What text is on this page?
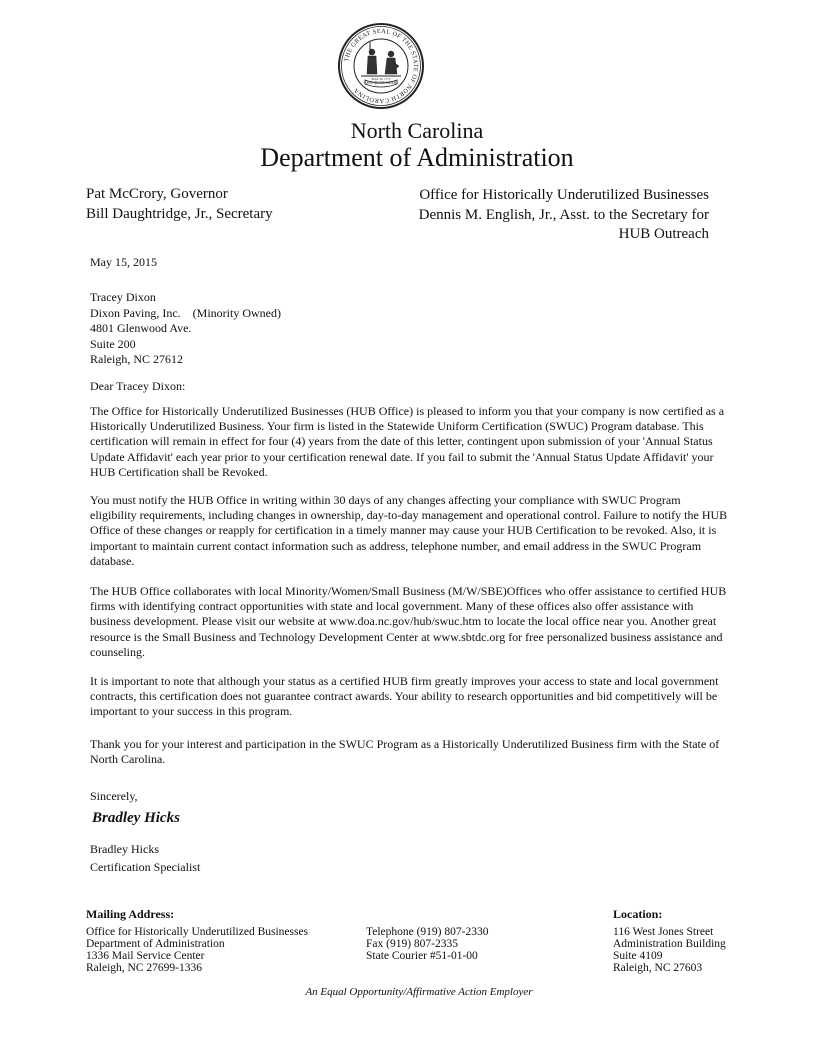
THE GREAT SEAL OF THE STATE OF NORTH CAROLINA
ESSE QUAM VIDERI
MAY 20, 1775
North Carolina
Department of Administration
Pat McCrory, Governor
Bill Daughtridge, Jr., Secretary
Office for Historically Underutilized Businesses
Dennis M. English, Jr., Asst. to the Secretary for
HUB Outreach
May 15, 2015
Tracey Dixon
Dixon Paving, Inc.    (Minority Owned)
4801 Glenwood Ave.
Suite 200
Raleigh, NC 27612
Dear Tracey Dixon:
The Office for Historically Underutilized Businesses (HUB Office) is pleased to inform you that your company is now certified as a Historically Underutilized Business. Your firm is listed in the Statewide Uniform Certification (SWUC) Program database. This certification will remain in effect for four (4) years from the date of this letter, contingent upon submission of your 'Annual Status Update Affidavit' each year prior to your certification renewal date. If you fail to submit the 'Annual Status Update Affidavit' your HUB Certification shall be Revoked.
You must notify the HUB Office in writing within 30 days of any changes affecting your compliance with SWUC Program eligibility requirements, including changes in ownership, day-to-day management and operational control. Failure to notify the HUB Office of these changes or reapply for certification in a timely manner may cause your HUB Certification to be revoked. Also, it is important to maintain current contact information such as address, telephone number, and email address in the SWUC Program database.
The HUB Office collaborates with local Minority/Women/Small Business (M/W/SBE)Offices who offer assistance to certified HUB firms with identifying contract opportunities with state and local government. Many of these offices also offer assistance with business development. Please visit our website at www.doa.nc.gov/hub/swuc.htm to locate the local office near you. Another great resource is the Small Business and Technology Development Center at www.sbtdc.org for free personalized business assistance and counseling.
It is important to note that although your status as a certified HUB firm greatly improves your access to state and local government contracts, this certification does not guarantee contract awards. Your ability to research opportunities and bid competitively will be important to your success in this program.
Thank you for your interest and participation in the SWUC Program as a Historically Underutilized Business firm with the State of North Carolina.
Sincerely,
Bradley Hicks
Bradley Hicks
Certification Specialist
Mailing Address:
Office for Historically Underutilized Businesses
Department of Administration
1336 Mail Service Center
Raleigh, NC 27699-1336
Telephone (919) 807-2330
Fax (919) 807-2335
State Courier #51-01-00
Location:
116 West Jones Street
Administration Building
Suite 4109
Raleigh, NC 27603
An Equal Opportunity/Affirmative Action Employer
